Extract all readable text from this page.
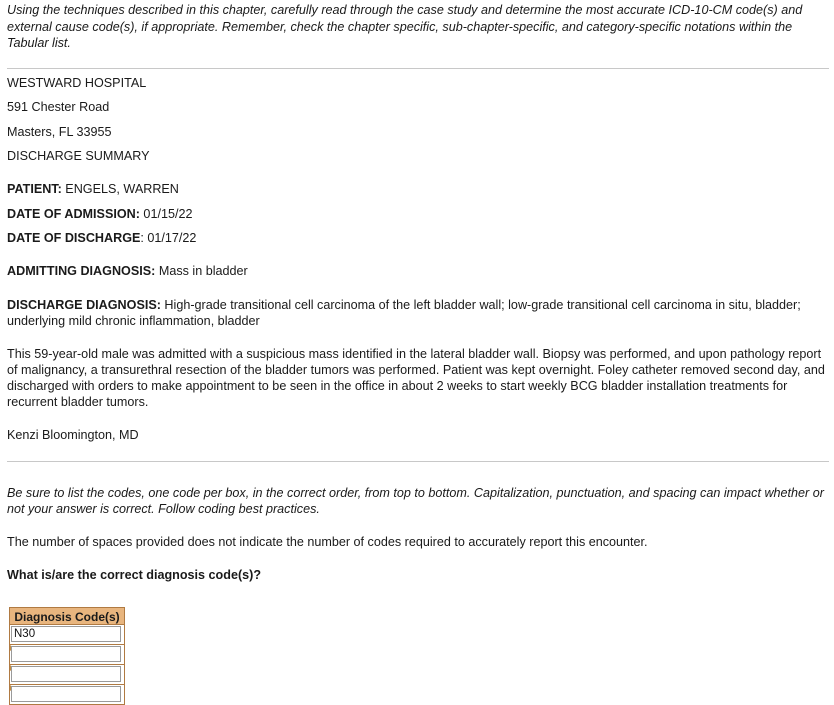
Using the techniques described in this chapter, carefully read through the case study and determine the most accurate ICD-10-CM code(s) and external cause code(s), if appropriate. Remember, check the chapter specific, sub-chapter-specific, and category-specific notations within the Tabular list.
WESTWARD HOSPITAL
591 Chester Road
Masters, FL 33955
DISCHARGE SUMMARY
PATIENT: ENGELS, WARREN
DATE OF ADMISSION: 01/15/22
DATE OF DISCHARGE: 01/17/22
ADMITTING DIAGNOSIS: Mass in bladder
DISCHARGE DIAGNOSIS: High-grade transitional cell carcinoma of the left bladder wall; low-grade transitional cell carcinoma in situ, bladder; underlying mild chronic inflammation, bladder
This 59-year-old male was admitted with a suspicious mass identified in the lateral bladder wall. Biopsy was performed, and upon pathology report of malignancy, a transurethral resection of the bladder tumors was performed. Patient was kept overnight. Foley catheter removed second day, and discharged with orders to make appointment to be seen in the office in about 2 weeks to start weekly BCG bladder installation treatments for recurrent bladder tumors.
Kenzi Bloomington, MD
Be sure to list the codes, one code per box, in the correct order, from top to bottom. Capitalization, punctuation, and spacing can impact whether or not your answer is correct. Follow coding best practices.
The number of spaces provided does not indicate the number of codes required to accurately report this encounter.
What is/are the correct diagnosis code(s)?
Diagnosis Code(s)
N30
